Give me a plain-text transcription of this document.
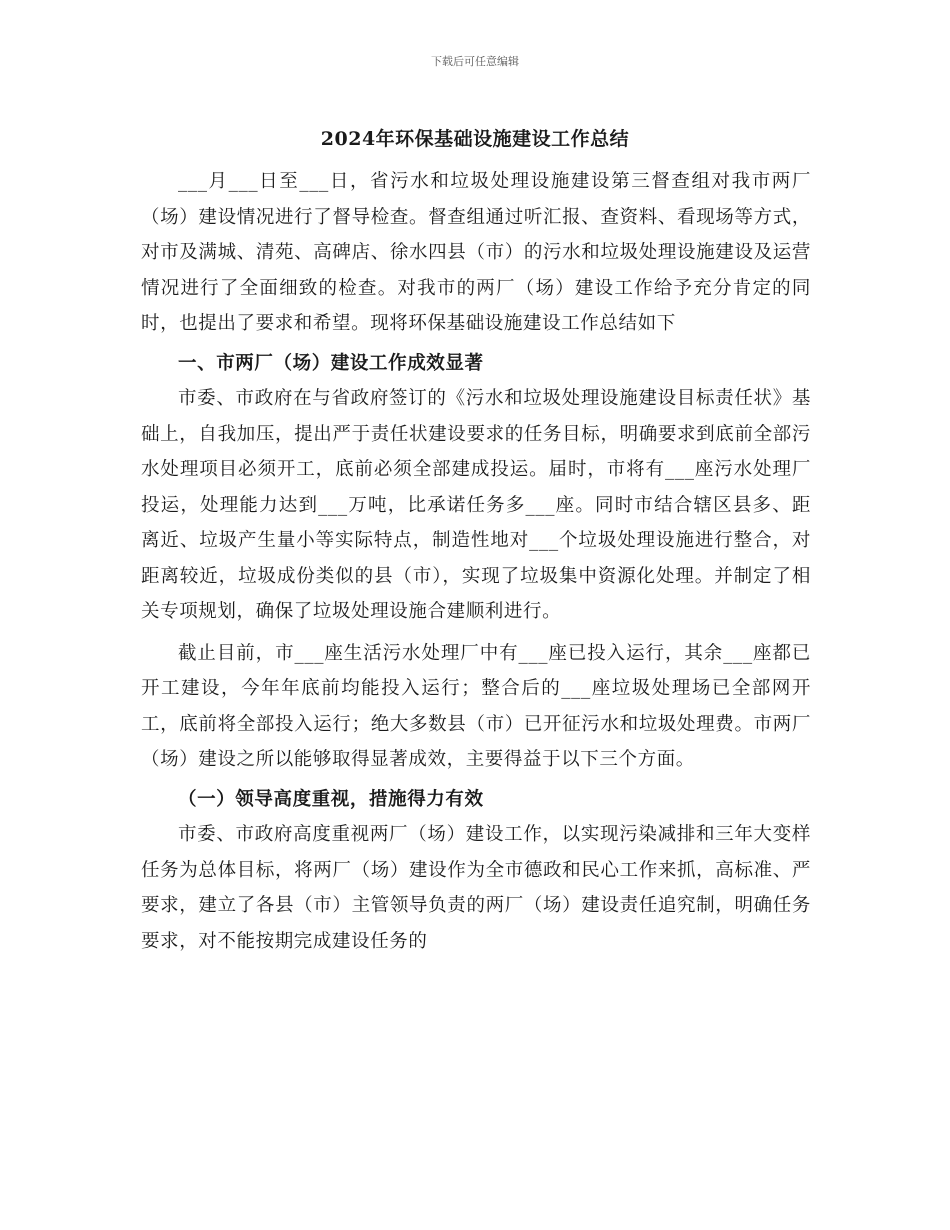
下载后可任意编辑
2024年环保基础设施建设工作总结

___月___日至___日，省污水和垃圾处理设施建设第三督查组对我市两厂（场）建设情况进行了督导检查。督查组通过听汇报、查资料、看现场等方式，对市及满城、清苑、高碑店、徐水四县（市）的污水和垃圾处理设施建设及运营情况进行了全面细致的检查。对我市的两厂（场）建设工作给予充分肯定的同时，也提出了要求和希望。现将环保基础设施建设工作总结如下

一、市两厂（场）建设工作成效显著

市委、市政府在与省政府签订的《污水和垃圾处理设施建设目标责任状》基础上，自我加压，提出严于责任状建设要求的任务目标，明确要求到底前全部污水处理项目必须开工，底前必须全部建成投运。届时，市将有___座污水处理厂投运，处理能力达到___万吨，比承诺任务多___座。同时市结合辖区县多、距离近、垃圾产生量小等实际特点，制造性地对___个垃圾处理设施进行整合，对距离较近，垃圾成份类似的县（市），实现了垃圾集中资源化处理。并制定了相关专项规划，确保了垃圾处理设施合建顺利进行。

截止目前，市___座生活污水处理厂中有___座已投入运行，其余___座都已开工建设，今年年底前均能投入运行；整合后的___座垃圾处理场已全部网开工，底前将全部投入运行；绝大多数县（市）已开征污水和垃圾处理费。市两厂（场）建设之所以能够取得显著成效，主要得益于以下三个方面。

（一）领导高度重视，措施得力有效

市委、市政府高度重视两厂（场）建设工作，以实现污染减排和三年大变样任务为总体目标，将两厂（场）建设作为全市德政和民心工作来抓，高标准、严要求，建立了各县（市）主管领导负责的两厂（场）建设责任追究制，明确任务要求，对不能按期完成建设任务的
